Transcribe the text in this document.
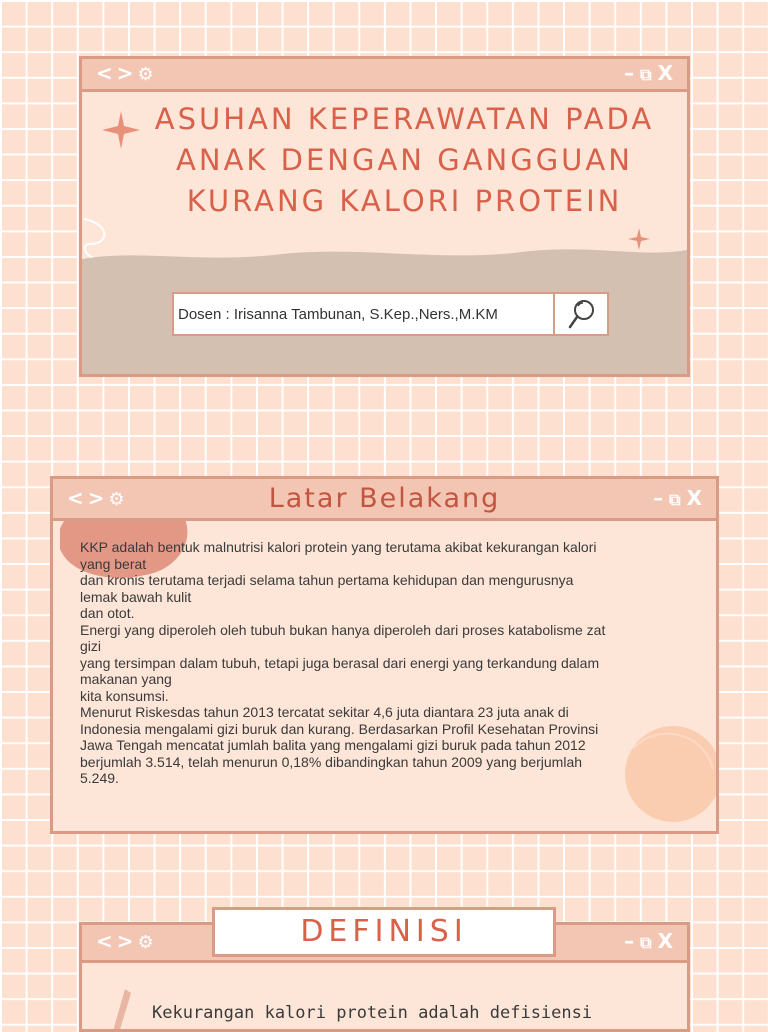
<>⚙	– ⧉ X
ASUHAN KEPERAWATAN PADA ANAK DENGAN GANGGUAN KURANG KALORI PROTEIN
Dosen : Irisanna Tambunan, S.Kep.,Ners.,M.KM
<>⚙	Latar Belakang	– ⧉ X

KKP adalah bentuk malnutrisi kalori protein yang terutama akibat kekurangan kalori
yang berat
dan kronis terutama terjadi selama tahun pertama kehidupan dan mengurusnya
lemak bawah kulit
dan otot.
Energi yang diperoleh oleh tubuh bukan hanya diperoleh dari proses katabolisme zat
gizi
yang tersimpan dalam tubuh, tetapi juga berasal dari energi yang terkandung dalam
makanan yang
kita konsumsi.
Menurut Riskesdas tahun 2013 tercatat sekitar 4,6 juta diantara 23 juta anak di
Indonesia mengalami gizi buruk dan kurang. Berdasarkan Profil Kesehatan Provinsi
Jawa Tengah mencatat jumlah balita yang mengalami gizi buruk pada tahun 2012
berjumlah 3.514, telah menurun 0,18% dibandingkan tahun 2009 yang berjumlah
5.249.

DEFINISI
<>⚙	– ⧉ X
Kekurangan kalori protein adalah defisiensi
